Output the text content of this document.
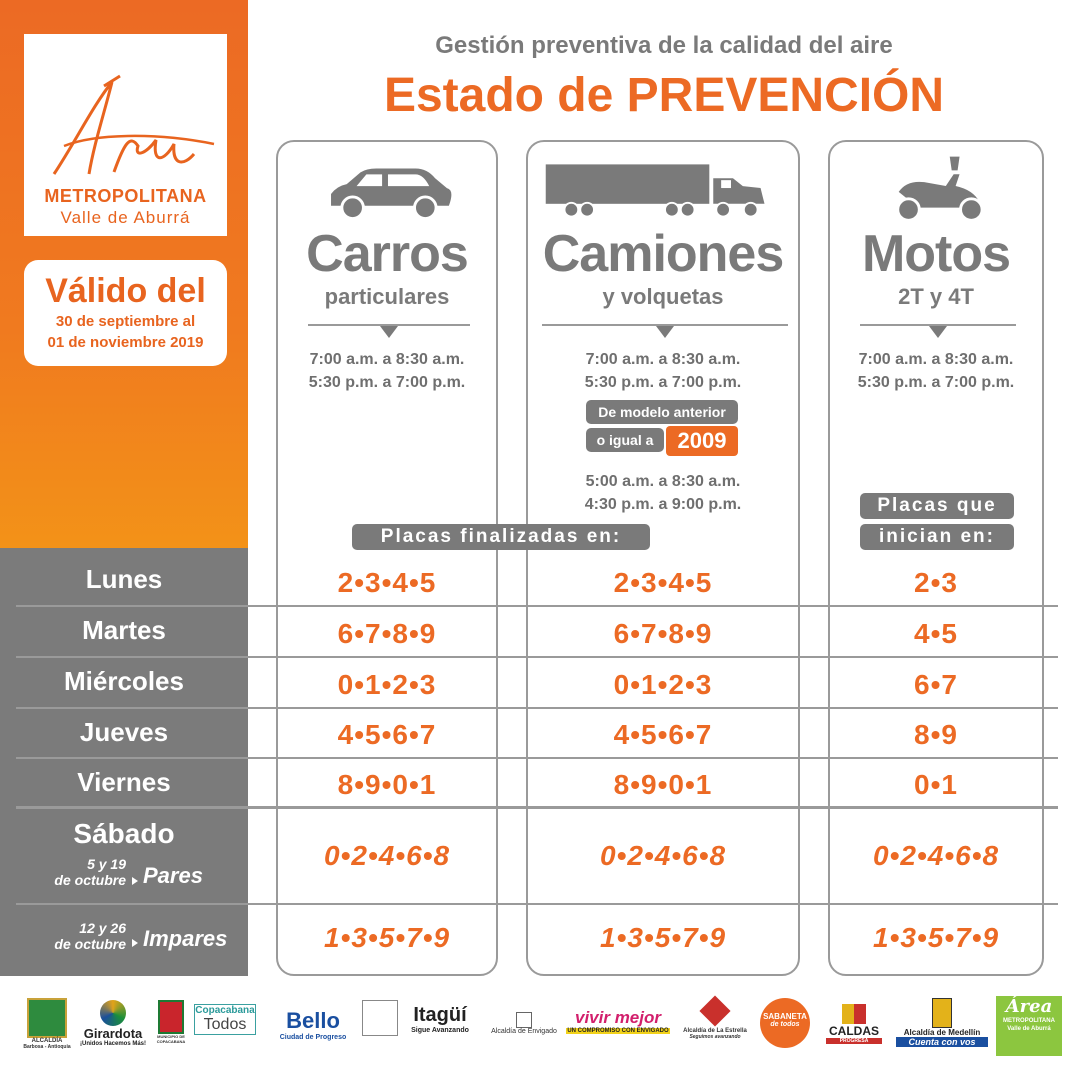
METROPOLITANA
Valle de Aburrá
Válido del
30 de septiembre al
01 de noviembre 2019
Gestión preventiva de la calidad del aire
Estado de PREVENCIÓN
Carros
particulares
7:00 a.m. a 8:30 a.m.
5:30 p.m. a 7:00 p.m.
Camiones
y volquetas
7:00 a.m. a 8:30 a.m.
5:30 p.m. a 7:00 p.m.
De modelo anterior
o igual a	2009
5:00 a.m. a 8:30 a.m.
4:30 p.m. a 9:00 p.m.
Motos
2T y 4T
7:00 a.m. a 8:30 a.m.
5:30 p.m. a 7:00 p.m.
Placas finalizadas en:
Placas que
inician en:
Lunes	2•3•4•5	2•3•4•5	2•3
Martes	6•7•8•9	6•7•8•9	4•5
Miércoles	0•1•2•3	0•1•2•3	6•7
Jueves	4•5•6•7	4•5•6•7	8•9
Viernes	8•9•0•1	8•9•0•1	0•1
Sábado
5 y 19
de octubre Pares
0•2•4•6•8	0•2•4•6•8	0•2•4•6•8
12 y 26
de octubre Impares	1•3•5•7•9	1•3•5•7•9	1•3•5•7•9
ALCALDÍA
Barbosa - Antioquia
Girardota
¡Unidos Hacemos Más!
MUNICIPIO DE COPACABANA
Copacabana
Todos	Bello
Ciudad de Progreso
Itagüí
Sigue Avanzando	Alcaldía de Envigado
vivir mejor
UN COMPROMISO CON ENVIGADO	Alcaldía de La Estrella
Seguimos avanzando
SABANETA
de todos	CALDAS
PROGRESA
Alcaldía de Medellín
Cuenta con vos
Área
METROPOLITANA Valle de Aburrá
